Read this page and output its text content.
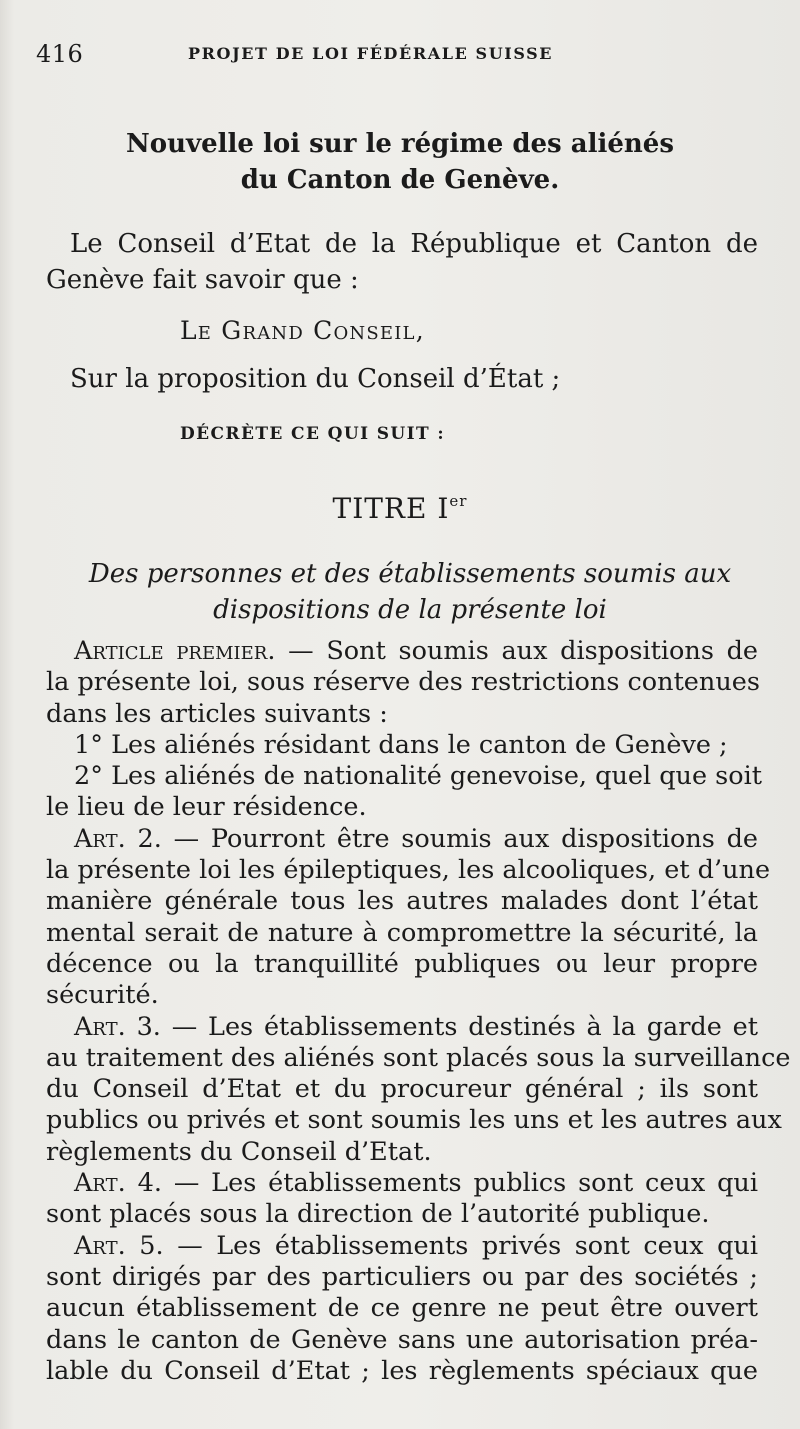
416	PROJET DE LOI FÉDÉRALE SUISSE
Nouvelle loi sur le régime des aliénés
du Canton de Genève.
Le Conseil d’Etat de la République et Canton de
Genève fait savoir que :
Le Grand Conseil,
Sur la proposition du Conseil d’État ;
DÉCRÈTE CE QUI SUIT :
TITRE Ier
Des personnes et des établissements soumis aux
dispositions de la présente loi
Article premier. — Sont soumis aux dispositions de
la présente loi, sous réserve des restrictions contenues
dans les articles suivants :
1° Les aliénés résidant dans le canton de Genève ;
2° Les aliénés de nationalité genevoise, quel que soit
le lieu de leur résidence.
Art. 2. — Pourront être soumis aux dispositions de
la présente loi les épileptiques, les alcooliques, et d’une
manière générale tous les autres malades dont l’état
mental serait de nature à compromettre la sécurité, la
décence ou la tranquillité publiques ou leur propre
sécurité.
Art. 3. — Les établissements destinés à la garde et
au traitement des aliénés sont placés sous la surveillance
du Conseil d’Etat et du procureur général ; ils sont
publics ou privés et sont soumis les uns et les autres aux
règlements du Conseil d’Etat.
Art. 4. — Les établissements publics sont ceux qui
sont placés sous la direction de l’autorité publique.
Art. 5. — Les établissements privés sont ceux qui
sont dirigés par des particuliers ou par des sociétés ;
aucun établissement de ce genre ne peut être ouvert
dans le canton de Genève sans une autorisation préa-
lable du Conseil d’Etat ; les règlements spéciaux que
